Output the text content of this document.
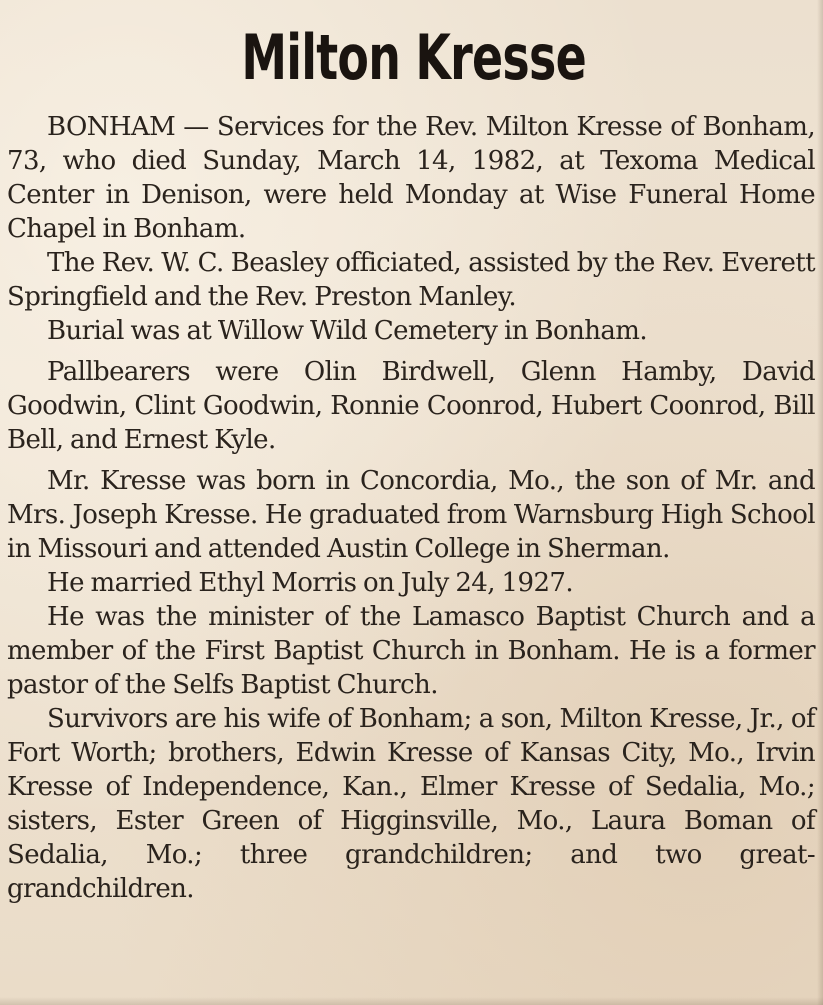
Milton Kresse

BONHAM — Services for the Rev. Milton Kresse of Bonham, 73, who died Sunday, March 14, 1982, at Texoma Medical Center in Denison, were held Monday at Wise Funeral Home Chapel in Bonham.

The Rev. W. C. Beasley officiated, assisted by the Rev. Everett Springfield and the Rev. Preston Manley.

Burial was at Willow Wild Cemetery in Bonham.

Pallbearers were Olin Birdwell, Glenn Hamby, David Goodwin, Clint Goodwin, Ronnie Coonrod, Hubert Coonrod, Bill Bell, and Ernest Kyle.

Mr. Kresse was born in Concordia, Mo., the son of Mr. and Mrs. Joseph Kresse. He graduated from Warnsburg High School in Missouri and attended Austin College in Sherman.

He married Ethyl Morris on July 24, 1927.

He was the minister of the Lamasco Baptist Church and a member of the First Baptist Church in Bonham. He is a former pastor of the Selfs Baptist Church.

Survivors are his wife of Bonham; a son, Milton Kresse, Jr., of Fort Worth; brothers, Edwin Kresse of Kansas City, Mo., Irvin Kresse of Independence, Kan., Elmer Kresse of Sedalia, Mo.; sisters, Ester Green of Higginsville, Mo., Laura Boman of Sedalia, Mo.; three grandchildren; and two great-grandchildren.
